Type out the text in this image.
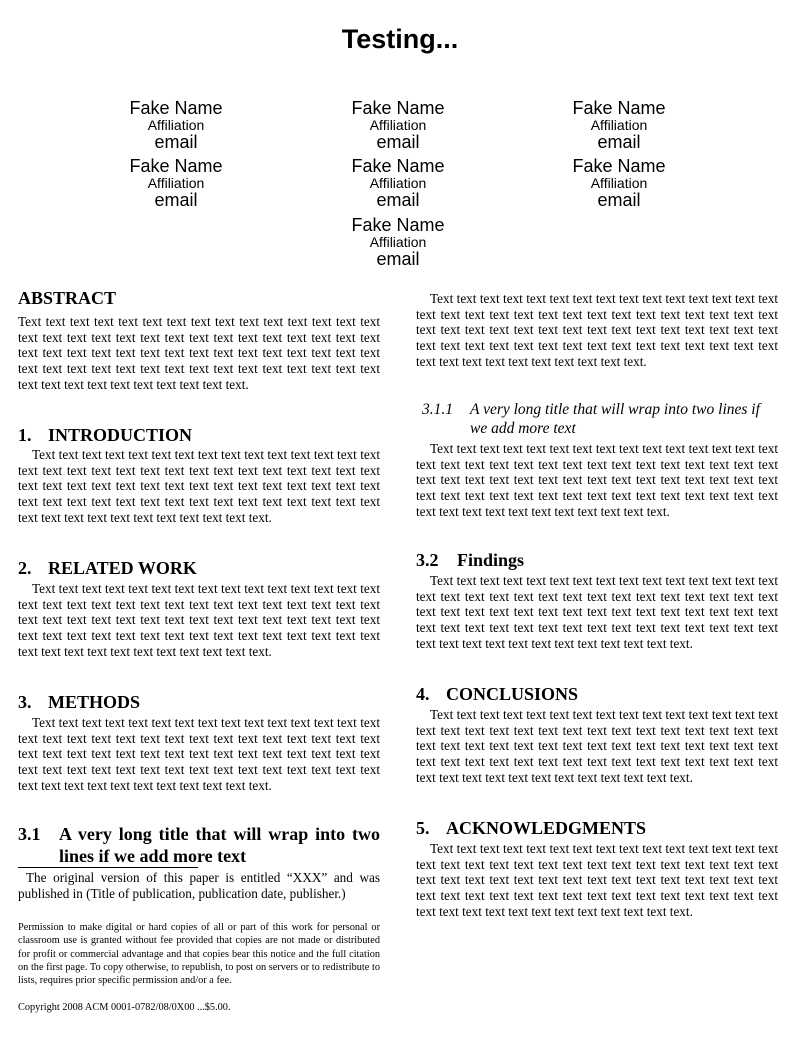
Testing...
Fake Name
Affiliation
email
Fake Name
Affiliation
email
Fake Name
Affiliation
email
Fake Name
Affiliation
email
Fake Name
Affiliation
email
Fake Name
Affiliation
email
Fake Name
Affiliation
email
ABSTRACT
Text text text text text text text text text text text text text text text text text text text text text text text text text text text text text text text text text text text text text text text text text text text text text text text text text text text text text text text text text text text text text text text text text text text text text text.
1. INTRODUCTION
Text text text text text text text text text text text text text text text text text text text text text text text text text text text text text text text text text text text text text text text text text text text text text text text text text text text text text text text text text text text text text text text text text text text text text text text.
2. RELATED WORK
Text text text text text text text text text text text text text text text text text text text text text text text text text text text text text text text text text text text text text text text text text text text text text text text text text text text text text text text text text text text text text text text text text text text text text text text.
3. METHODS
Text text text text text text text text text text text text text text text text text text text text text text text text text text text text text text text text text text text text text text text text text text text text text text text text text text text text text text text text text text text text text text text text text text text text text text text.
3.1 A very long title that will wrap into two lines if we add more text
The original version of this paper is entitled “XXX” and was published in (Title of publication, publication date, publisher.)
Permission to make digital or hard copies of all or part of this work for personal or classroom use is granted without fee provided that copies are not made or distributed for profit or commercial advantage and that copies bear this notice and the full citation on the first page. To copy otherwise, to republish, to post on servers or to redistribute to lists, requires prior specific permission and/or a fee.
Copyright 2008 ACM 0001-0782/08/0X00 ...$5.00.
Text text text text text text text text text text text text text text text text text text text text text text text text text text text text text text text text text text text text text text text text text text text text text text text text text text text text text text text text text text text text text text text text text text text text text text.
3.1.1 A very long title that will wrap into two lines if we add more text
Text text text text text text text text text text text text text text text text text text text text text text text text text text text text text text text text text text text text text text text text text text text text text text text text text text text text text text text text text text text text text text text text text text text text text text text.
3.2 Findings
Text text text text text text text text text text text text text text text text text text text text text text text text text text text text text text text text text text text text text text text text text text text text text text text text text text text text text text text text text text text text text text text text text text text text text text text text.
4. CONCLUSIONS
Text text text text text text text text text text text text text text text text text text text text text text text text text text text text text text text text text text text text text text text text text text text text text text text text text text text text text text text text text text text text text text text text text text text text text text text text.
5. ACKNOWLEDGMENTS
Text text text text text text text text text text text text text text text text text text text text text text text text text text text text text text text text text text text text text text text text text text text text text text text text text text text text text text text text text text text text text text text text text text text text text text text text.
